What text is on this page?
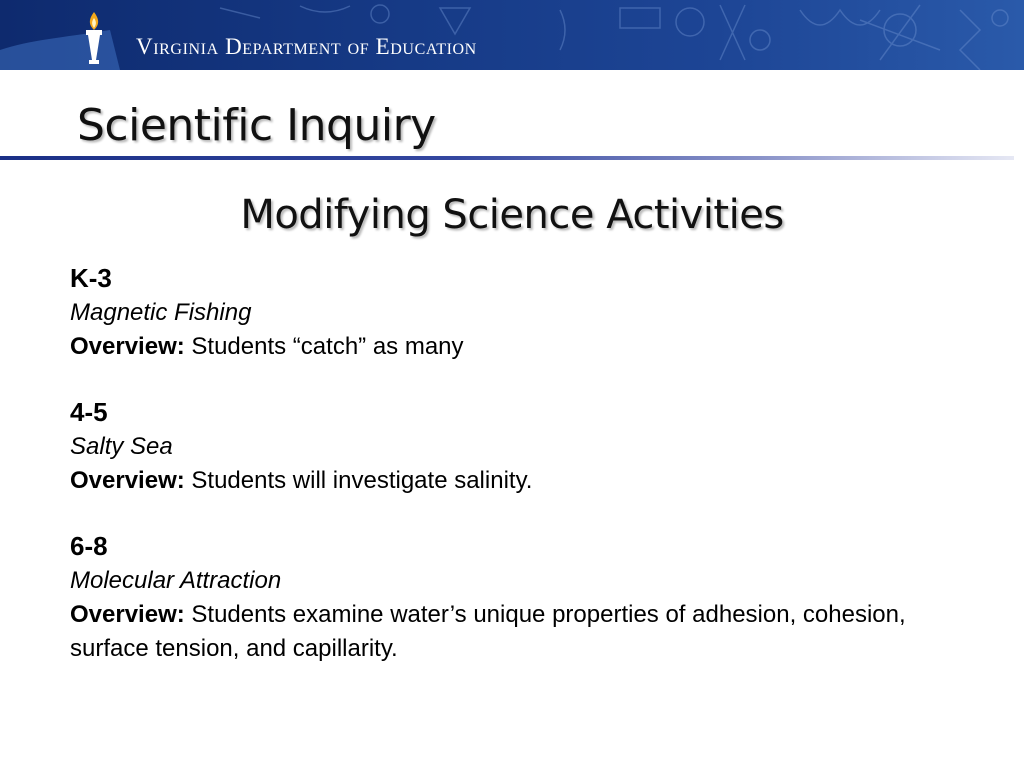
Virginia Department of Education
Scientific Inquiry
Modifying Science Activities
K-3
Magnetic Fishing
Overview: Students “catch” as many
4-5
Salty Sea
Overview: Students will investigate salinity.
6-8
Molecular Attraction
Overview: Students examine water’s unique properties of adhesion, cohesion, surface tension, and capillarity.
